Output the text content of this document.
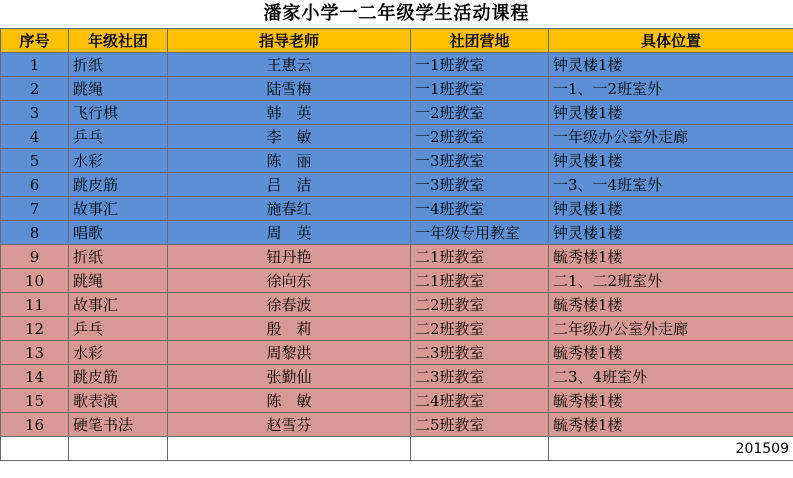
潘家小学一二年级学生活动课程
序号	年级社团	指导老师	社团营地	具体位置
1	折纸	王惠云	一1班教室	钟灵楼1楼
2	跳绳	陆雪梅	一1班教室	一1、一2班室外
3	飞行棋	韩　英	一2班教室	钟灵楼1楼
4	乒乓	李　敏	一2班教室	一年级办公室外走廊
5	水彩	陈　丽	一3班教室	钟灵楼1楼
6	跳皮筋	吕　洁	一3班教室	一3、一4班室外
7	故事汇	施春红	一4班教室	钟灵楼1楼
8	唱歌	周　英	一年级专用教室	钟灵楼1楼
9	折纸	钮丹艳	二1班教室	毓秀楼1楼
10	跳绳	徐向东	二1班教室	二1、二2班室外
11	故事汇	徐春波	二2班教室	毓秀楼1楼
12	乒乓	殷　莉	二2班教室	二年级办公室外走廊
13	水彩	周黎洪	二3班教室	毓秀楼1楼
14	跳皮筋	张勤仙	二3班教室	二3、4班室外
15	歌表演	陈　敏	二4班教室	毓秀楼1楼
16	硬笔书法	赵雪芬	二5班教室	毓秀楼1楼
				201509
